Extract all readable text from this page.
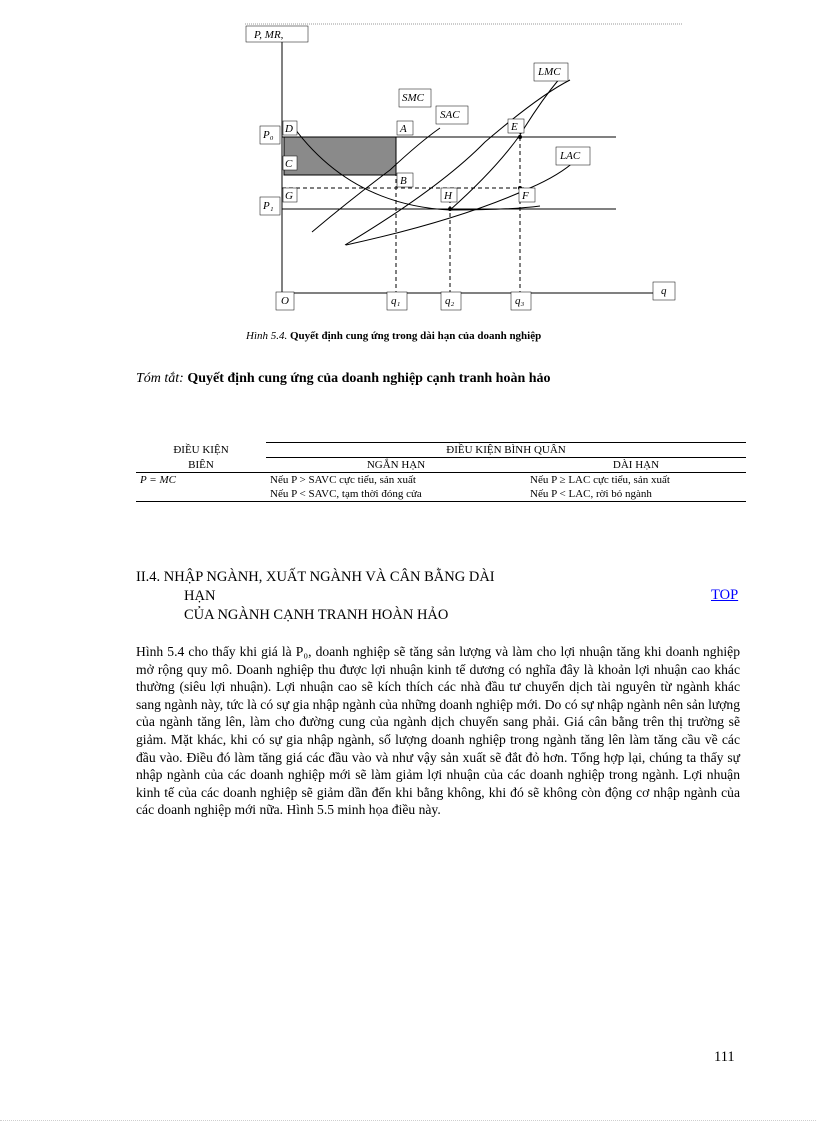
P, MR,
q
O
P₀
P₁
D
C
G
A
B
E
F
H
SMC
SAC
LMC
LAC
q₁	q₂	q₃
Hình 5.4. Quyết định cung ứng trong dài hạn của doanh nghiệp
Tóm tắt: Quyết định cung ứng của doanh nghiệp cạnh tranh hoàn hảo
ĐIỀU KIỆN	ĐIỀU KIỆN BÌNH QUÂN	
BIÊN	NGẮN HẠN	DÀI HẠN
P = MC	Nếu P > SAVC cực tiểu, sản xuất	Nếu P ≥ LAC cực tiểu, sản xuất
	Nếu P < SAVC, tạm thời đóng cửa	Nếu P < LAC, rời bỏ ngành
II.4. NHẬP NGÀNH, XUẤT NGÀNH VÀ CÂN BẰNG DÀI
HẠN
CỦA NGÀNH CẠNH TRANH HOÀN HẢO
TOP
Hình 5.4 cho thấy khi giá là P₀, doanh nghiệp sẽ tăng sản lượng và làm cho lợi nhuận tăng khi doanh nghiệp mở rộng quy mô. Doanh nghiệp thu được lợi nhuận kinh tế dương có nghĩa đây là khoản lợi nhuận cao khác thường (siêu lợi nhuận). Lợi nhuận cao sẽ kích thích các nhà đầu tư chuyển dịch tài nguyên từ ngành khác sang ngành này, tức là có sự gia nhập ngành của những doanh nghiệp mới. Do có sự nhập ngành nên sản lượng của ngành tăng lên, làm cho đường cung của ngành dịch chuyển sang phải. Giá cân bằng trên thị trường sẽ giảm. Mặt khác, khi có sự gia nhập ngành, số lượng doanh nghiệp trong ngành tăng lên làm tăng cầu về các đầu vào. Điều đó làm tăng giá các đầu vào và như vậy sản xuất sẽ đắt đỏ hơn. Tổng hợp lại, chúng ta thấy sự nhập ngành của các doanh nghiệp mới sẽ làm giảm lợi nhuận của các doanh nghiệp trong ngành. Lợi nhuận kinh tế của các doanh nghiệp sẽ giảm dần đến khi bằng không, khi đó sẽ không còn động cơ nhập ngành của các doanh nghiệp mới nữa. Hình 5.5 minh họa điều này.
111
